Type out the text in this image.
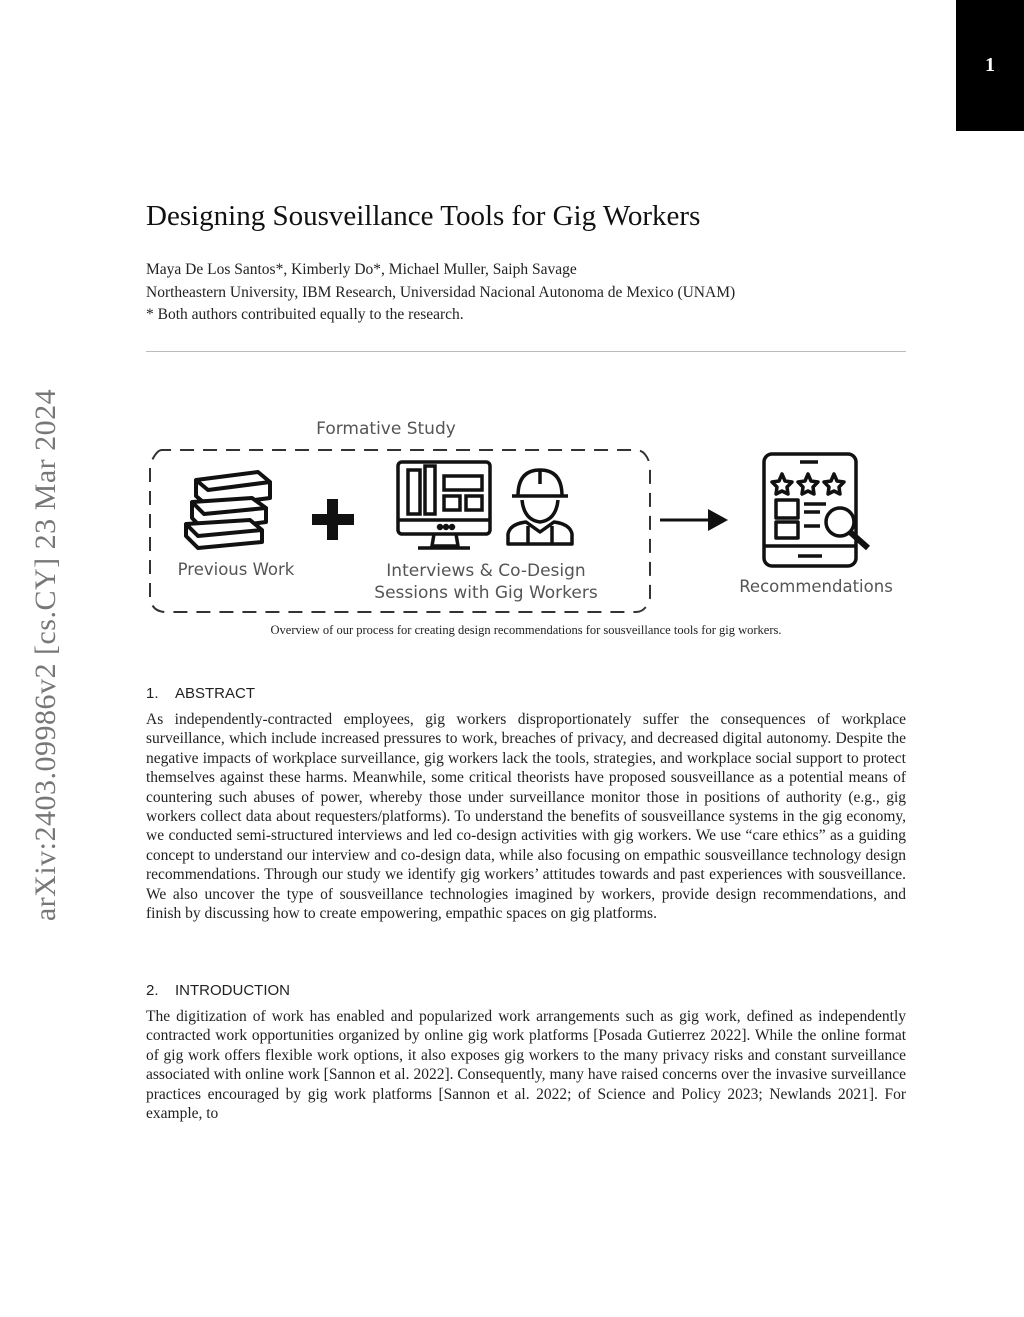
1
arXiv:2403.09986v2 [cs.CY] 23 Mar 2024
Designing Sousveillance Tools for Gig Workers
Maya De Los Santos*, Kimberly Do*, Michael Muller, Saiph Savage
Northeastern University, IBM Research, Universidad Nacional Autonoma de Mexico (UNAM)
* Both authors contribuited equally to the research.
Formative Study
Previous Work	Interviews & Co-Design
Sessions with Gig Workers	Recommendations
Overview of our process for creating design recommendations for sousveillance tools for gig workers.
1. ABSTRACT

As independently-contracted employees, gig workers disproportionately suffer the consequences of workplace surveillance, which include increased pressures to work, breaches of privacy, and decreased digital autonomy. Despite the negative impacts of workplace surveillance, gig workers lack the tools, strategies, and workplace social support to protect themselves against these harms. Meanwhile, some critical theorists have proposed sousveillance as a potential means of countering such abuses of power, whereby those under surveillance monitor those in positions of authority (e.g., gig workers collect data about requesters/platforms). To understand the benefits of sousveillance systems in the gig economy, we conducted semi-structured interviews and led co-design activities with gig workers. We use “care ethics” as a guiding concept to understand our interview and co-design data, while also focusing on empathic sousveillance technology design recommendations. Through our study we identify gig workers’ attitudes towards and past experiences with sousveillance. We also uncover the type of sousveillance technologies imagined by workers, provide design recommendations, and finish by discussing how to create empowering, empathic spaces on gig platforms.

2. INTRODUCTION

The digitization of work has enabled and popularized work arrangements such as gig work, defined as independently contracted work opportunities organized by online gig work platforms [Posada Gutierrez 2022]. While the online format of gig work offers flexible work options, it also exposes gig workers to the many privacy risks and constant surveillance associated with online work [Sannon et al. 2022]. Consequently, many have raised concerns over the invasive surveillance practices encouraged by gig work platforms [Sannon et al. 2022; of Science and Policy 2023; Newlands 2021]. For example, to
